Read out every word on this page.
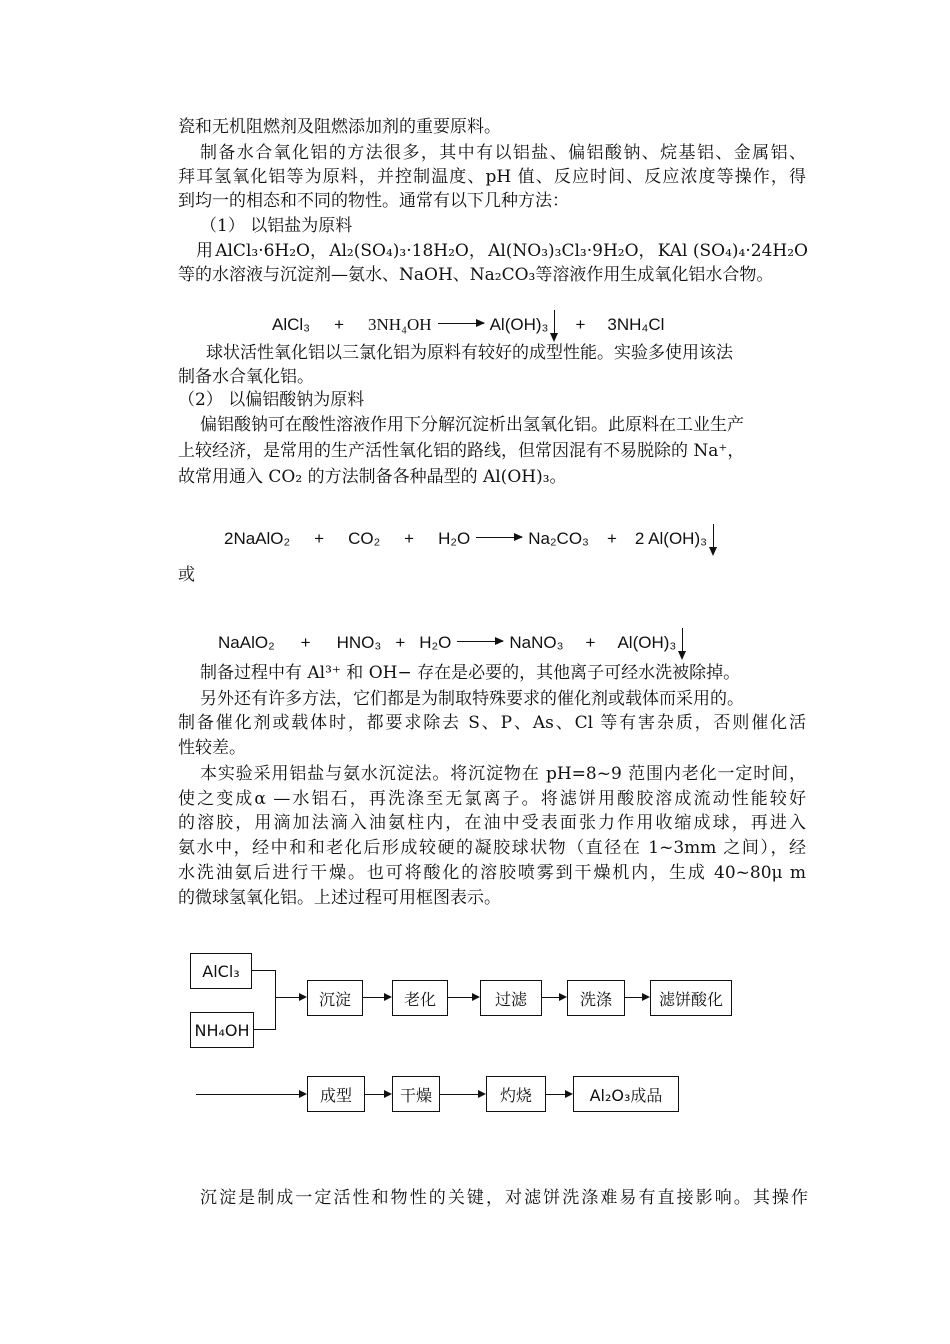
瓷和无机阻燃剂及阻燃添加剂的重要原料。
制备水合氧化铝的方法很多，其中有以铝盐、偏铝酸钠、烷基铝、金属铝、
拜耳氢氧化铝等为原料，并控制温度、pH 值、反应时间、反应浓度等操作，得
到均一的相态和不同的物性。通常有以下几种方法：
（1） 以铝盐为原料
用 AlCl₃·6H₂O， Al₂(SO₄)₃·18H₂O， Al(NO₃)₃Cl₃·9H₂O， KAl (SO₄)₄·24H₂O
等的水溶液与沉淀剂—氨水、NaOH、Na₂CO₃等溶液作用生成氧化铝水合物。
AlCl₃ + 3NH₄OH → Al(OH)₃ + 3NH₄Cl
球状活性氧化铝以三氯化铝为原料有较好的成型性能。实验多使用该法
制备水合氧化铝。
（2） 以偏铝酸钠为原料
偏铝酸钠可在酸性溶液作用下分解沉淀析出氢氧化铝。此原料在工业生产
上较经济，是常用的生产活性氧化铝的路线，但常因混有不易脱除的 Na⁺，
故常用通入 CO₂ 的方法制备各种晶型的 Al(OH)₃。
2NaAlO₂ + CO₂ + H₂O → Na₂CO₃ + 2 Al(OH)₃
或
NaAlO₂ + HNO₃ + H₂O → NaNO₃ + Al(OH)₃
制备过程中有 Al³⁺ 和 OH− 存在是必要的，其他离子可经水洗被除掉。
另外还有许多方法，它们都是为制取特殊要求的催化剂或载体而采用的。
制备催化剂或载体时，都要求除去 S、P、As、Cl 等有害杂质，否则催化活
性较差。
本实验采用铝盐与氨水沉淀法。将沉淀物在 pH=8~9 范围内老化一定时间，
使之变成α —水铝石，再洗涤至无氯离子。将滤饼用酸胶溶成流动性能较好
的溶胶，用滴加法滴入油氨柱内，在油中受表面张力作用收缩成球，再进入
氨水中，经中和和老化后形成较硬的凝胶球状物（直径在 1~3mm 之间），经
水洗油氨后进行干燥。也可将酸化的溶胶喷雾到干燥机内，生成 40~80μ m
的微球氢氧化铝。上述过程可用框图表示。
AlCl₃
NH₄OH
沉淀	老化	过滤	洗涤	滤饼酸化
成型	干燥	灼烧	Al₂O₃成品
沉淀是制成一定活性和物性的关键，对滤饼洗涤难易有直接影响。其操作
